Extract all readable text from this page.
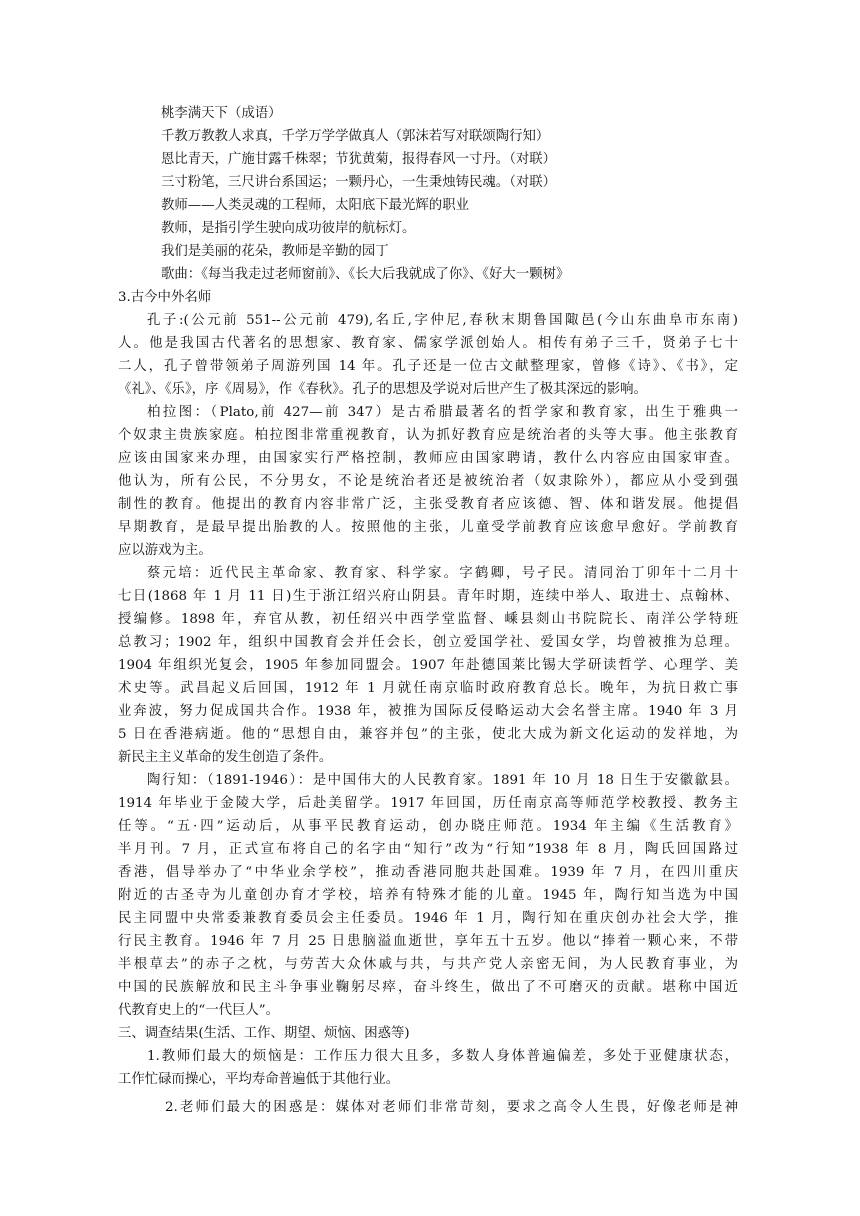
桃李满天下（成语）
千教万教教人求真，千学万学学做真人（郭沫若写对联颂陶行知）
恩比青天，广施甘露千株翠；节犹黄菊，报得春风一寸丹。（对联）
三寸粉笔，三尺讲台系国运；一颗丹心，一生秉烛铸民魂。（对联）
教师——人类灵魂的工程师，太阳底下最光辉的职业
教师，是指引学生驶向成功彼岸的航标灯。
我们是美丽的花朵，教师是辛勤的园丁
歌曲：《每当我走过老师窗前》、《长大后我就成了你》、《好大一颗树》
3.古今中外名师
孔子:(公元前 551--公元前 479),名丘,字仲尼,春秋末期鲁国陬邑(今山东曲阜市东南)
人。他是我国古代著名的思想家、教育家、儒家学派创始人。相传有弟子三千，贤弟子七十
二人，孔子曾带领弟子周游列国 14 年。孔子还是一位古文献整理家，曾修《诗》、《书》，定
《礼》、《乐》，序《周易》，作《春秋》。孔子的思想及学说对后世产生了极其深远的影响。
柏拉图：（Plato,前 427—前 347）是古希腊最著名的哲学家和教育家，出生于雅典一
个奴隶主贵族家庭。柏拉图非常重视教育，认为抓好教育应是统治者的头等大事。他主张教育
应该由国家来办理，由国家实行严格控制，教师应由国家聘请，教什么内容应由国家审查。
他认为，所有公民，不分男女，不论是统治者还是被统治者（奴隶除外），都应从小受到强
制性的教育。他提出的教育内容非常广泛，主张受教育者应该德、智、体和谐发展。他提倡
早期教育，是最早提出胎教的人。按照他的主张，儿童受学前教育应该愈早愈好。学前教育
应以游戏为主。
蔡元培：近代民主革命家、教育家、科学家。字鹤卿，号孑民。清同治丁卯年十二月十
七日(1868 年 1 月 11 日)生于浙江绍兴府山阴县。青年时期，连续中举人、取进士、点翰林、
授编修。1898 年，弃官从教，初任绍兴中西学堂监督、嵊县剡山书院院长、南洋公学特班
总教习；1902 年，组织中国教育会并任会长，创立爱国学社、爱国女学，均曾被推为总理。
1904 年组织光复会，1905 年参加同盟会。1907 年赴德国莱比锡大学研读哲学、心理学、美
术史等。武昌起义后回国，1912 年 1 月就任南京临时政府教育总长。晚年，为抗日救亡事
业奔波，努力促成国共合作。1938 年，被推为国际反侵略运动大会名誉主席。1940 年 3 月
5 日在香港病逝。他的“思想自由，兼容并包”的主张，使北大成为新文化运动的发祥地，为
新民主主义革命的发生创造了条件。
陶行知：（1891-1946）：是中国伟大的人民教育家。1891 年 10 月 18 日生于安徽歙县。
1914 年毕业于金陵大学，后赴美留学。1917 年回国，历任南京高等师范学校教授、教务主
任等。“五·四”运动后，从事平民教育运动，创办晓庄师范。1934 年主编《生活教育》
半月刊。7 月，正式宣布将自己的名字由“知行”改为“行知”1938 年 8 月，陶氏回国路过
香港，倡导举办了“中华业余学校”，推动香港同胞共赴国难。1939 年 7 月，在四川重庆
附近的古圣寺为儿童创办育才学校，培养有特殊才能的儿童。1945 年，陶行知当选为中国
民主同盟中央常委兼教育委员会主任委员。1946 年 1 月，陶行知在重庆创办社会大学，推
行民主教育。1946 年 7 月 25 日患脑溢血逝世，享年五十五岁。他以“捧着一颗心来，不带
半根草去”的赤子之枕，与劳苦大众休戚与共，与共产党人亲密无间，为人民教育事业，为
中国的民族解放和民主斗争事业鞠躬尽瘁，奋斗终生，做出了不可磨灭的贡献。堪称中国近
代教育史上的“一代巨人”。
三、调查结果(生活、工作、期望、烦恼、困惑等)
1.教师们最大的烦恼是：工作压力很大且多，多数人身体普遍偏差，多处于亚健康状态，
工作忙碌而操心，平均寿命普遍低于其他行业。
2.老师们最大的困惑是：媒体对老师们非常苛刻，要求之高令人生畏，好像老师是神
